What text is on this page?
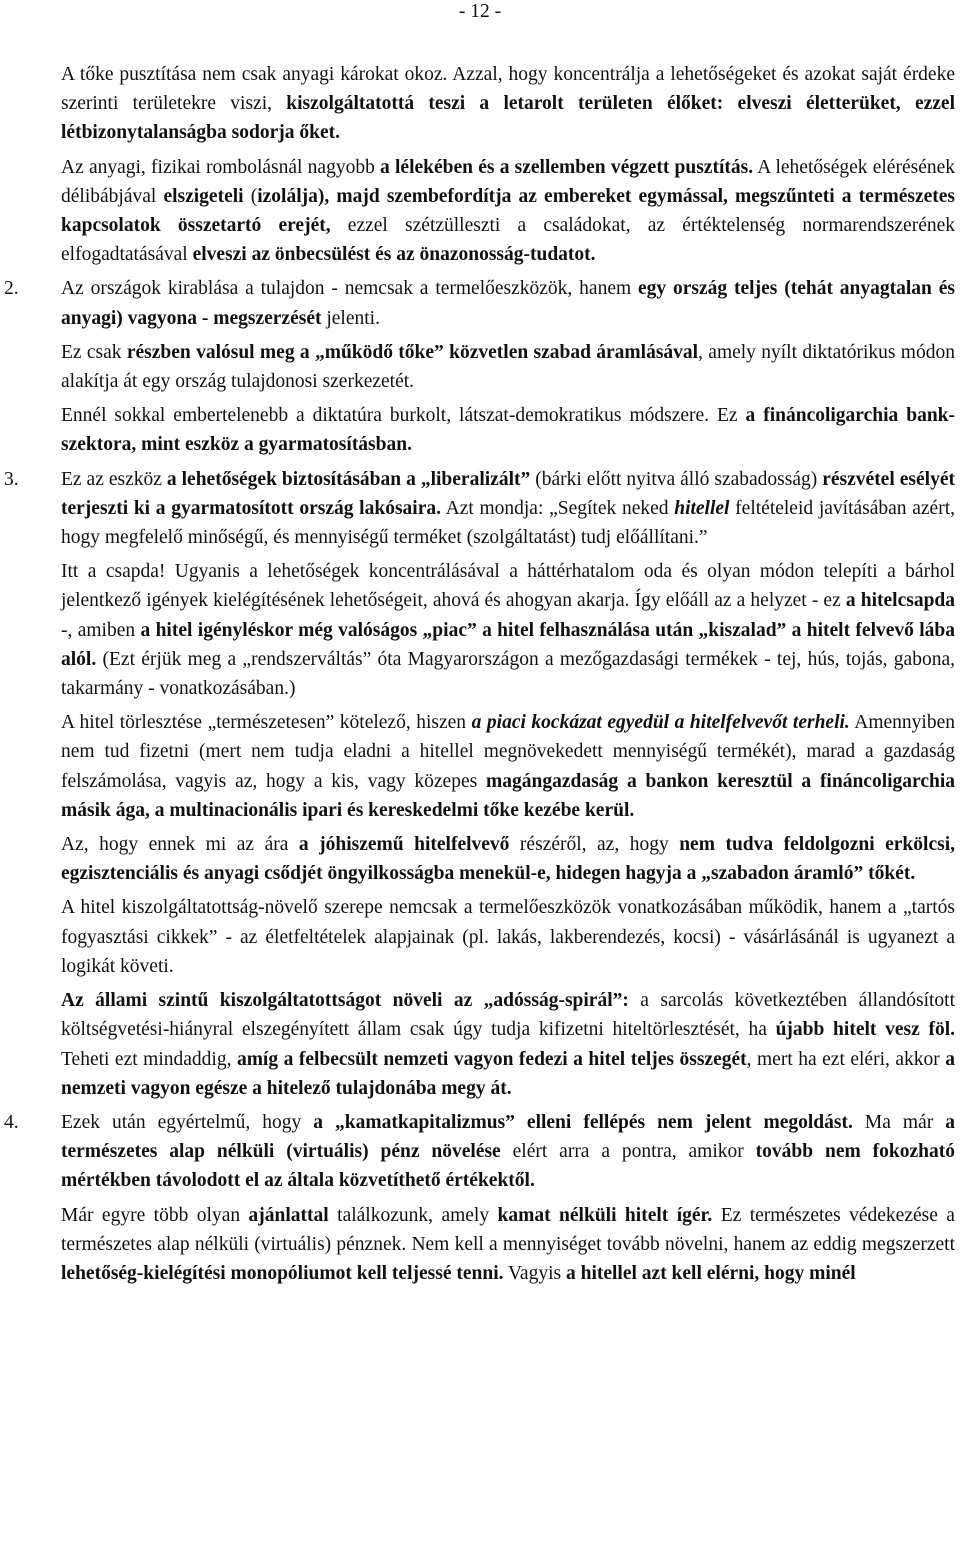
- 12 -

A tőke pusztítása nem csak anyagi károkat okoz. Azzal, hogy koncentrálja a lehetőségeket és azokat saját érdeke szerinti területekre viszi, kiszolgáltatottá teszi a letarolt területen élőket: elveszi életterüket, ezzel létbizonytalanságba sodorja őket.

Az anyagi, fizikai rombolásnál nagyobb a lélekében és a szellemben végzett pusztítás. A lehetőségek elérésének délibábjával elszigeteli (izolálja), majd szembefordítja az embereket egymással, megszűnteti a természetes kapcsolatok összetartó erejét, ezzel szétzülleszti a családokat, az értéktelenség normarendszerének elfogadtatásával elveszi az önbecsülést és az önazonosság-tudatot.

2. Az országok kirablása a tulajdon - nemcsak a termelőeszközök, hanem egy ország teljes (tehát anyagtalan és anyagi) vagyona - megszerzését jelenti.

Ez csak részben valósul meg a „működő tőke” közvetlen szabad áramlásával, amely nyílt diktatórikus módon alakítja át egy ország tulajdonosi szerkezetét.

Ennél sokkal embertelenebb a diktatúra burkolt, látszat-demokratikus módszere. Ez a fináncoligarchia bank-szektora, mint eszköz a gyarmatosításban.

3. Ez az eszköz a lehetőségek biztosításában a „liberalizált” (bárki előtt nyitva álló szabadosság) részvétel esélyét terjeszti ki a gyarmatosított ország lakósaira. Azt mondja: „Segítek neked hitellel feltételeid javításában azért, hogy megfelelő minőségű, és mennyiségű terméket (szolgáltatást) tudj előállítani.”

Itt a csapda! Ugyanis a lehetőségek koncentrálásával a háttérhatalom oda és olyan módon telepíti a bárhol jelentkező igények kielégítésének lehetőségeit, ahová és ahogyan akarja. Így előáll az a helyzet - ez a hitelcsapda -, amiben a hitel igényléskor még valóságos „piac” a hitel felhasználása után „kiszalad” a hitelt felvevő lába alól. (Ezt érjük meg a „rendszerváltás” óta Magyarországon a mezőgazdasági termékek - tej, hús, tojás, gabona, takarmány - vonatkozásában.)

A hitel törlesztése „természetesen” kötelező, hiszen a piaci kockázat egyedül a hitelfelvevőt terheli. Amennyiben nem tud fizetni (mert nem tudja eladni a hitellel megnövekedett mennyiségű termékét), marad a gazdaság felszámolása, vagyis az, hogy a kis, vagy közepes magángazdaság a bankon keresztül a fináncoligarchia másik ága, a multinacionális ipari és kereskedelmi tőke kezébe kerül.

Az, hogy ennek mi az ára a jóhiszemű hitelfelvevő részéről, az, hogy nem tudva feldolgozni erkölcsi, egzisztenciális és anyagi csődjét öngyilkosságba menekül-e, hidegen hagyja a „szabadon áramló” tőkét.

A hitel kiszolgáltatottság-növelő szerepe nemcsak a termelőeszközök vonatkozásában működik, hanem a „tartós fogyasztási cikkek” - az életfeltételek alapjainak (pl. lakás, lakberendezés, kocsi) - vásárlásánál is ugyanezt a logikát követi.

Az állami szintű kiszolgáltatottságot növeli az „adósság-spirál”: a sarcolás következtében állandósított költségvetési-hiányral elszegényített állam csak úgy tudja kifizetni hiteltörlesztését, ha újabb hitelt vesz föl. Teheti ezt mindaddig, amíg a felbecsült nemzeti vagyon fedezi a hitel teljes összegét, mert ha ezt eléri, akkor a nemzeti vagyon egésze a hitelező tulajdonába megy át.

4. Ezek után egyértelmű, hogy a „kamatkapitalizmus” elleni fellépés nem jelent megoldást. Ma már a természetes alap nélküli (virtuális) pénz növelése elért arra a pontra, amikor tovább nem fokozható mértékben távolodott el az általa közvetíthető értékektől.

Már egyre több olyan ajánlattal találkozunk, amely kamat nélküli hitelt ígér. Ez természetes védekezése a természetes alap nélküli (virtuális) pénznek. Nem kell a mennyiséget tovább növelni, hanem az eddig megszerzett lehetőség-kielégítési monopóliumot kell teljessé tenni. Vagyis a hitellel azt kell elérni, hogy minél
